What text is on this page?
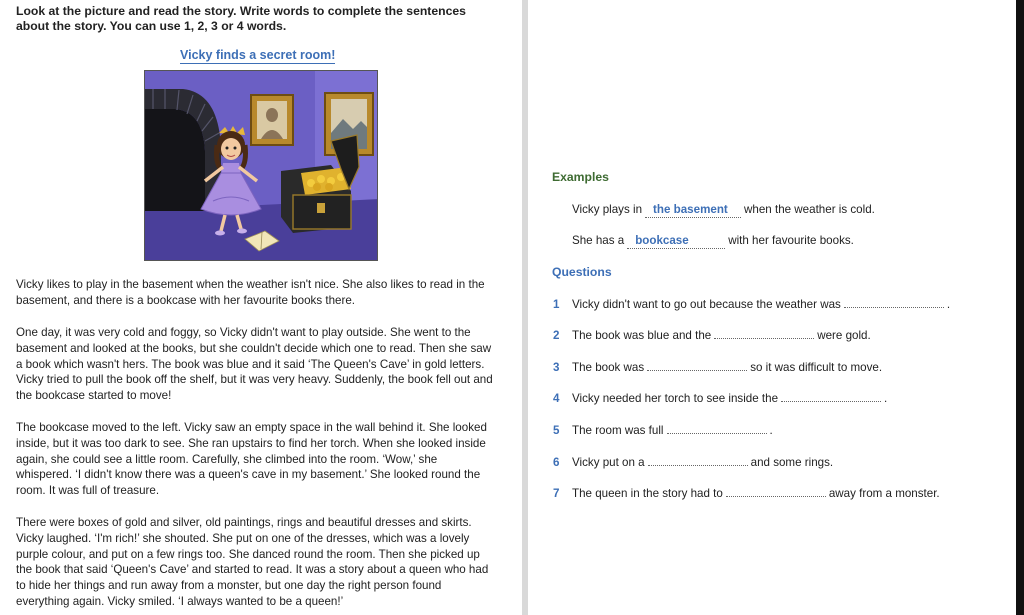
Look at the picture and read the story. Write words to complete the sentences about the story. You can use 1, 2, 3 or 4 words.
Vicky finds a secret room!
Vicky likes to play in the basement when the weather isn't nice. She also likes to read in the basement, and there is a bookcase with her favourite books there.
One day, it was very cold and foggy, so Vicky didn't want to play outside. She went to the basement and looked at the books, but she couldn't decide which one to read. Then she saw a book which wasn't hers. The book was blue and it said ‘The Queen's Cave’ in gold letters. Vicky tried to pull the book off the shelf, but it was very heavy. Suddenly, the book fell out and the bookcase started to move!
The bookcase moved to the left. Vicky saw an empty space in the wall behind it. She looked inside, but it was too dark to see. She ran upstairs to find her torch. When she looked inside again, she could see a little room. Carefully, she climbed into the room. ‘Wow,’ she whispered. ‘I didn't know there was a queen's cave in my basement.’ She looked round the room. It was full of treasure.
There were boxes of gold and silver, old paintings, rings and beautiful dresses and skirts. Vicky laughed. ‘I'm rich!’ she shouted. She put on one of the dresses, which was a lovely purple colour, and put on a few rings too. She danced round the room. Then she picked up the book that said ‘Queen's Cave’ and started to read. It was a story about a queen who had to hide her things and run away from a monster, but one day the right person found everything again. Vicky smiled. ‘I always wanted to be a queen!’
Examples
Vicky plays in the basement when the weather is cold.
She has a bookcase	with her favourite books.
Questions
1 Vicky didn't want to go out because the weather was	.
2 The book was blue and the	were gold.
3 The book was	so it was difficult to move.
4 Vicky needed her torch to see inside the	.
5 The room was full	.
6 Vicky put on a	and some rings.
7 The queen in the story had to	away from a monster.
